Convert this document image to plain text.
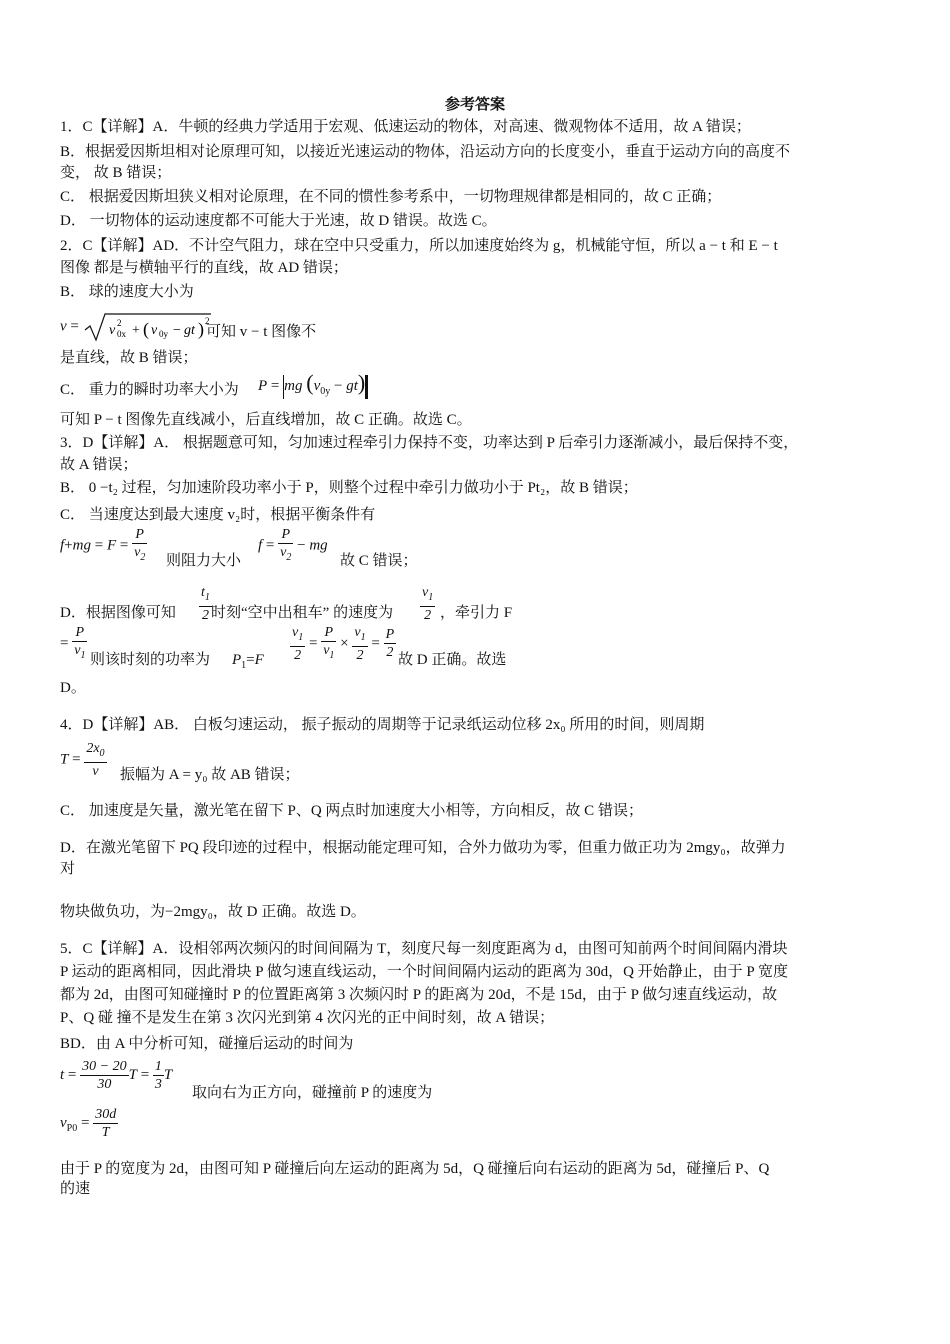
参考答案
1．C【详解】A．牛顿的经典力学适用于宏观、低速运动的物体，对高速、微观物体不适用，故 A 错误；
B．根据爱因斯坦相对论原理可知，以接近光速运动的物体，沿运动方向的长度变小，垂直于运动方向的高度不
变， 故 B 错误；
C． 根据爱因斯坦狭义相对论原理，在不同的惯性参考系中，一切物理规律都是相同的，故 C 正确；
D． 一切物体的运动速度都不可能大于光速，故 D 错误。故选 C。
2．C【详解】AD．不计空气阻力，球在空中只受重力，所以加速度始终为 g，机械能守恒，所以 a − t 和 E − t
图像 都是与横轴平行的直线，故 AD 错误；
B． 球的速度大小为
v = v 2
0x + ( v 0y − gt ) 2
可知 v − t 图像不
是直线，故 B 错误；
C． 重力的瞬时功率大小为 P = mg $(v_{0y} - gt)$
可知 P − t 图像先直线减小，后直线增加，故 C 正确。故选 C。
3．D【详解】A． 根据题意可知，匀加速过程牵引力保持不变，功率达到 P 后牵引力逐渐减小，最后保持不变，
故 A 错误；
B． 0 −t₂ 过程，匀加速阶段功率小于 P，则整个过程中牵引力做功小于 Pt₂，故 B 错误；
C． 当速度达到最大速度 v₂时，根据平衡条件有
$f+mg = F = \frac{P}{v_2}$ 则阻力大小
$f = \frac{P}{v_2}$ − mg
故 C 错误；
D．根据图像可知 $\frac{t_1}{2}$ 时刻“空中出租车” 的速度为 $\frac{v_1}{2}$ ，牵引力 F
= $\frac{P}{v_1}$ 则该时刻的功率为 $P_1=F \frac{v_1}{2} = \frac{P}{v_1} \times \frac{v_1}{2} = \frac{P}{2}$ 故 D 正确。故选
D。
4．D【详解】AB． 白板匀速运动， 振子振动的周期等于记录纸运动位移 2x₀ 所用的时间，则周期
$T = \frac{2x_0}{v}$ 振幅为 A = y₀ 故 AB 错误；
C． 加速度是矢量，激光笔在留下 P、Q 两点时加速度大小相等，方向相反，故 C 错误；
D．在激光笔留下 PQ 段印迹的过程中，根据动能定理可知，合外力做功为零，但重力做正功为 2mgy₀，故弹力
对
物块做负功，为−2mgy₀，故 D 正确。故选 D。
5．C【详解】A．设相邻两次频闪的时间间隔为 T，刻度尺每一刻度距离为 d，由图可知前两个时间间隔内滑块
P 运动的距离相同，因此滑块 P 做匀速直线运动，一个时间间隔内运动的距离为 30d，Q 开始静止，由于 P 宽度
都为 2d，由图可知碰撞时 P 的位置距离第 3 次频闪时 P 的距离为 20d，不是 15d，由于 P 做匀速直线运动，故
P、Q 碰 撞不是发生在第 3 次闪光到第 4 次闪光的正中间时刻，故 A 错误；
BD．由 A 中分析可知，碰撞后运动的时间为
$t = \frac{30 - 20}{30}$ $T = \frac{1}{3}$ T
取向右为正方向，碰撞前 P 的速度为
$v_{P0} = \frac{30d}{T}$
由于 P 的宽度为 2d，由图可知 P 碰撞后向左运动的距离为 5d，Q 碰撞后向右运动的距离为 5d，碰撞后 P、Q
的速
